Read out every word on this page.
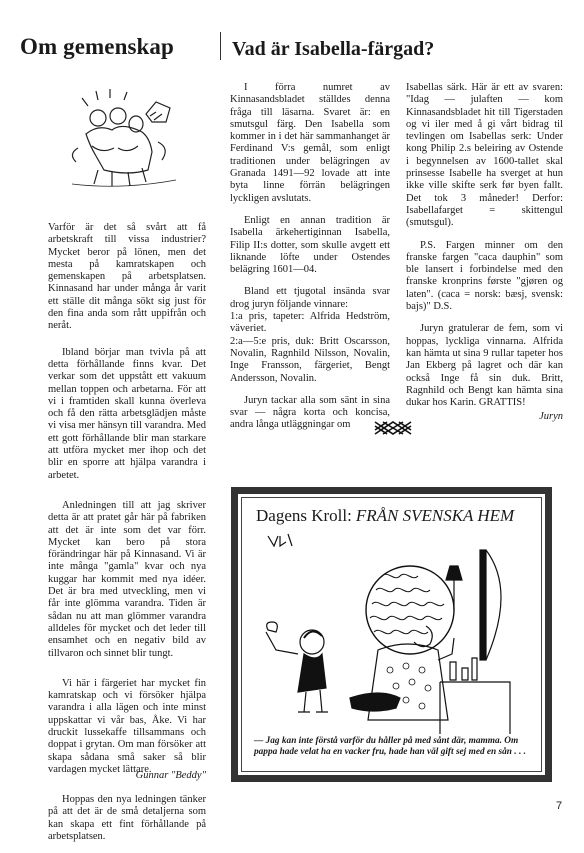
Om gemenskap	Vad är Isabella-färgad?

Varför är det så svårt att få arbetskraft till vissa industrier? Mycket beror på lönen, men det mesta på kamratskapen och gemenskapen på arbetsplatsen. Kinnasand har under många år varit ett ställe dit många sökt sig just för den fina anda som rått uppifrån och neråt.

Ibland börjar man tvivla på att detta förhållande finns kvar. Det verkar som det uppstått ett vakuum mellan toppen och arbetarna. För att vi i framtiden skall kunna överleva och få den rätta arbetsglädjen måste vi visa mer hänsyn till varandra. Med ett gott förhållande blir man starkare att utföra mycket mer ihop och det blir en sporre att hjälpa varandra i arbetet.

Anledningen till att jag skriver detta är att pratet går här på fabriken att det är inte som det var förr. Mycket kan bero på stora förändringar här på Kinnasand. Vi är inte många "gamla" kvar och nya kuggar har kommit med nya idéer. Det är bra med utveckling, men vi får inte glömma varandra. Tiden är sådan nu att man glömmer varandra alldeles för mycket och det leder till ensamhet och en negativ bild av tillvaron och sinnet blir tungt.

Vi här i färgeriet har mycket fin kamratskap och vi försöker hjälpa varandra i alla lägen och inte minst uppskattar vi vår bas, Åke. Vi har druckit lussekaffe tillsammans och doppat i grytan. Om man försöker att skapa sådana små saker så blir vardagen mycket lättare.

Hoppas den nya ledningen tänker på att det är de små detaljerna som kan skapa ett fint förhållande på arbetsplatsen.

Gunnar "Beddy"

I förra numret av Kinnasandsbladet ställdes denna fråga till läsarna. Svaret är: en smutsgul färg. Den Isabella som kommer in i det här sammanhanget är Ferdinand V:s gemål, som enligt traditionen under belägringen av Granada 1491—92 lovade att inte byta linne förrän belägringen lyckligen avslutats.

Enligt en annan tradition är Isabella ärkehertiginnan Isabella, Filip II:s dotter, som skulle avgett ett liknande löfte under Ostendes belägring 1601—04.

Bland ett tjugotal insända svar drog juryn följande vinnare:

1:a pris, tapeter: Alfrida Hedström, väveriet.

2:a—5:e pris, duk: Britt Oscarsson, Novalin, Ragnhild Nilsson, Novalin, Inge Fransson, färgeriet, Bengt Andersson, Novalin.

Juryn tackar alla som sänt in sina svar — några korta och koncisa, andra långa utläggningar om

Isabellas särk. Här är ett av svaren: "Idag — julaften — kom Kinnasandsbladet hit till Tigerstaden og vi iler med å gi vårt bidrag til tevlingen om Isabellas serk: Under kong Philip 2.s beleiring av Ostende i begynnelsen av 1600-tallet skal prinsesse Isabelle ha sverget at hun ikke ville skifte serk før byen fallt. Det tok 3 måneder! Derfor: Isabellafarget = skittengul (smutsgul).

P.S. Fargen minner om den franske fargen "caca dauphin" som ble lansert i forbindelse med den franske kronprins første "gjøren og laten". (caca = norsk: bæsj, svensk: bajs)" D.S.

Juryn gratulerar de fem, som vi hoppas, lyckliga vinnarna. Alfrida kan hämta ut sina 9 rullar tapeter hos Jan Ekberg på lagret och där kan också Inge få sin duk. Britt, Ragnhild och Bengt kan hämta sina dukar hos Karin. GRATTIS!

Juryn
Dagens Kroll: FRÅN SVENSKA HEM
— Jag kan inte förstå varför du håller på med sånt där, mamma. Om pappa hade velat ha en vacker fru, hade han väl gift sej med en sån . . .
7
